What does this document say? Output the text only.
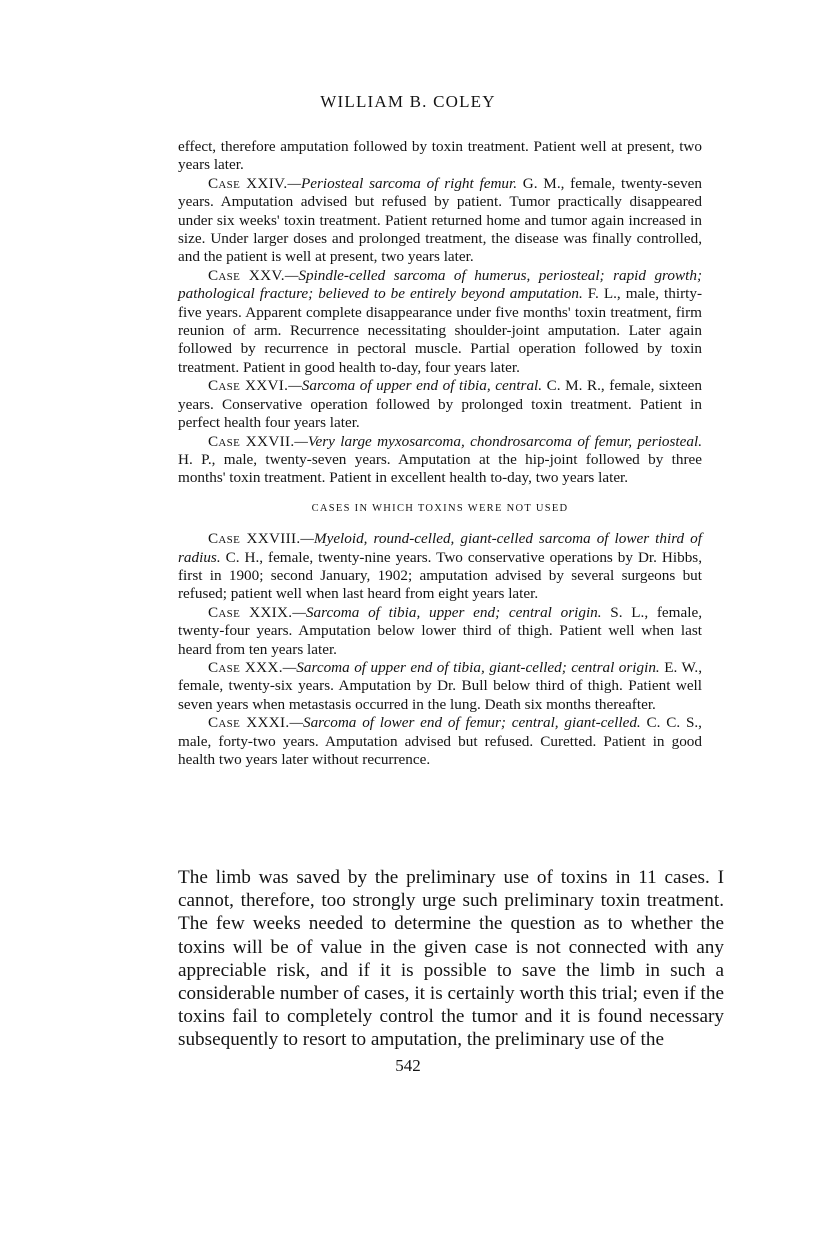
WILLIAM B. COLEY

effect, therefore amputation followed by toxin treatment. Patient well at present, two years later.

Case XXIV.—Periosteal sarcoma of right femur. G. M., female, twenty-seven years. Amputation advised but refused by patient. Tumor practically disappeared under six weeks' toxin treatment. Patient returned home and tumor again increased in size. Under larger doses and prolonged treatment, the disease was finally controlled, and the patient is well at present, two years later.

Case XXV.—Spindle-celled sarcoma of humerus, periosteal; rapid growth; pathological fracture; believed to be entirely beyond amputation. F. L., male, thirty-five years. Apparent complete disappearance under five months' toxin treatment, firm reunion of arm. Recurrence necessitating shoulder-joint amputation. Later again followed by recurrence in pectoral muscle. Partial operation followed by toxin treatment. Patient in good health to-day, four years later.

Case XXVI.—Sarcoma of upper end of tibia, central. C. M. R., female, sixteen years. Conservative operation followed by prolonged toxin treatment. Patient in perfect health four years later.

Case XXVII.—Very large myxosarcoma, chondrosarcoma of femur, periosteal. H. P., male, twenty-seven years. Amputation at the hip-joint followed by three months' toxin treatment. Patient in excellent health to-day, two years later.

CASES IN WHICH TOXINS WERE NOT USED

Case XXVIII.—Myeloid, round-celled, giant-celled sarcoma of lower third of radius. C. H., female, twenty-nine years. Two conservative operations by Dr. Hibbs, first in 1900; second January, 1902; amputation advised by several surgeons but refused; patient well when last heard from eight years later.

Case XXIX.—Sarcoma of tibia, upper end; central origin. S. L., female, twenty-four years. Amputation below lower third of thigh. Patient well when last heard from ten years later.

Case XXX.—Sarcoma of upper end of tibia, giant-celled; central origin. E. W., female, twenty-six years. Amputation by Dr. Bull below third of thigh. Patient well seven years when metastasis occurred in the lung. Death six months thereafter.

Case XXXI.—Sarcoma of lower end of femur; central, giant-celled. C. C. S., male, forty-two years. Amputation advised but refused. Curetted. Patient in good health two years later without recurrence.

The limb was saved by the preliminary use of toxins in 11 cases. I cannot, therefore, too strongly urge such preliminary toxin treatment. The few weeks needed to determine the question as to whether the toxins will be of value in the given case is not connected with any appreciable risk, and if it is possible to save the limb in such a considerable number of cases, it is certainly worth this trial; even if the toxins fail to completely control the tumor and it is found necessary subsequently to resort to amputation, the preliminary use of the

542
